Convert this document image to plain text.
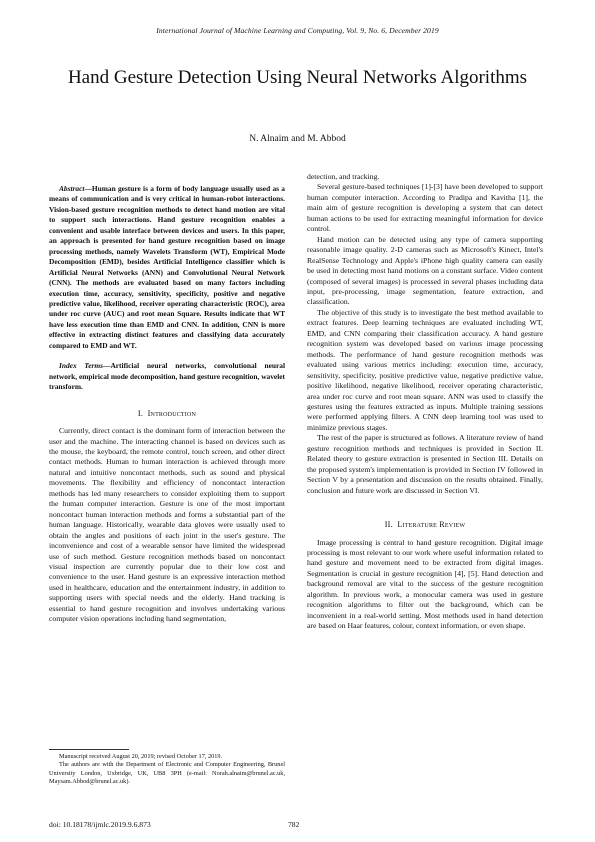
International Journal of Machine Learning and Computing, Vol. 9, No. 6, December 2019
Hand Gesture Detection Using Neural Networks Algorithms
N. Alnaim and M. Abbod

Abstract—Human gesture is a form of body language usually used as a means of communication and is very critical in human-robot interactions. Vision-based gesture recognition methods to detect hand motion are vital to support such interactions. Hand gesture recognition enables a convenient and usable interface between devices and users. In this paper, an approach is presented for hand gesture recognition based on image processing methods, namely Wavelets Transform (WT), Empirical Mode Decomposition (EMD), besides Artificial Intelligence classifier which is Artificial Neural Networks (ANN) and Convolutional Neural Network (CNN). The methods are evaluated based on many factors including execution time, accuracy, sensitivity, specificity, positive and negative predictive value, likelihood, receiver operating characteristic (ROC), area under roc curve (AUC) and root mean Square. Results indicate that WT have less execution time than EMD and CNN. In addition, CNN is more effective in extracting distinct features and classifying data accurately compared to EMD and WT.

Index Terms—Artificial neural networks, convolutional neural network, empirical mode decomposition, hand gesture recognition, wavelet transform.

I. Introduction

Currently, direct contact is the dominant form of interaction between the user and the machine. The interacting channel is based on devices such as the mouse, the keyboard, the remote control, touch screen, and other direct contact methods. Human to human interaction is achieved through more natural and intuitive noncontact methods, such as sound and physical movements. The flexibility and efficiency of noncontact interaction methods has led many researchers to consider exploiting them to support the human computer interaction. Gesture is one of the most important noncontact human interaction methods and forms a substantial part of the human language. Historically, wearable data gloves were usually used to obtain the angles and positions of each joint in the user's gesture. The inconvenience and cost of a wearable sensor have limited the widespread use of such method. Gesture recognition methods based on noncontact visual inspection are currently popular due to their low cost and convenience to the user. Hand gesture is an expressive interaction method used in healthcare, education and the entertainment industry, in addition to supporting users with special needs and the elderly. Hand tracking is essential to hand gesture recognition and involves undertaking various computer vision operations including hand segmentation,

detection, and tracking.

Several gesture-based techniques [1]-[3] have been developed to support human computer interaction. According to Pradipa and Kavitha [1], the main aim of gesture recognition is developing a system that can detect human actions to be used for extracting meaningful information for device control.

Hand motion can be detected using any type of camera supporting reasonable image quality. 2-D cameras such as Microsoft's Kinect, Intel's RealSense Technology and Apple's iPhone high quality camera can easily be used in detecting most hand motions on a constant surface. Video content (composed of several images) is processed in several phases including data input, pre-processing, image segmentation, feature extraction, and classification.

The objective of this study is to investigate the best method available to extract features. Deep learning techniques are evaluated including WT, EMD, and CNN comparing their classification accuracy. A hand gesture recognition system was developed based on various image processing methods. The performance of hand gesture recognition methods was evaluated using various metrics including: execution time, accuracy, sensitivity, specificity, positive predictive value, negative predictive value, positive likelihood, negative likelihood, receiver operating characteristic, area under roc curve and root mean square. ANN was used to classify the gestures using the features extracted as inputs. Multiple training sessions were performed applying filters. A CNN deep learning tool was used to minimize previous stages.

The rest of the paper is structured as follows. A literature review of hand gesture recognition methods and techniques is provided in Section II. Related theory to gesture extraction is presented in Section III. Details on the proposed system's implementation is provided in Section IV followed in Section V by a presentation and discussion on the results obtained. Finally, conclusion and future work are discussed in Section VI.

II. Literature Review

Image processing is central to hand gesture recognition. Digital image processing is most relevant to our work where useful information related to hand gesture and movement need to be extracted from digital images. Segmentation is crucial in gesture recognition [4], [5]. Hand detection and background removal are vital to the success of the gesture recognition algorithm. In previous work, a monocular camera was used in gesture recognition algorithms to filter out the background, which can be inconvenient in a real-world setting. Most methods used in hand detection are based on Haar features, colour, context information, or even shape.

Manuscript received August 20, 2019; revised October 17, 2019.

The authors are with the Department of Electronic and Computer Engineering, Brunel University London, Uxbridge, UK, UB8 3PH (e-mail: Norah.alnaim@brunel.ac.uk, Maysam.Abbod@brunel.ac.uk).

doi: 10.18178/ijmlc.2019.9.6.873	782
